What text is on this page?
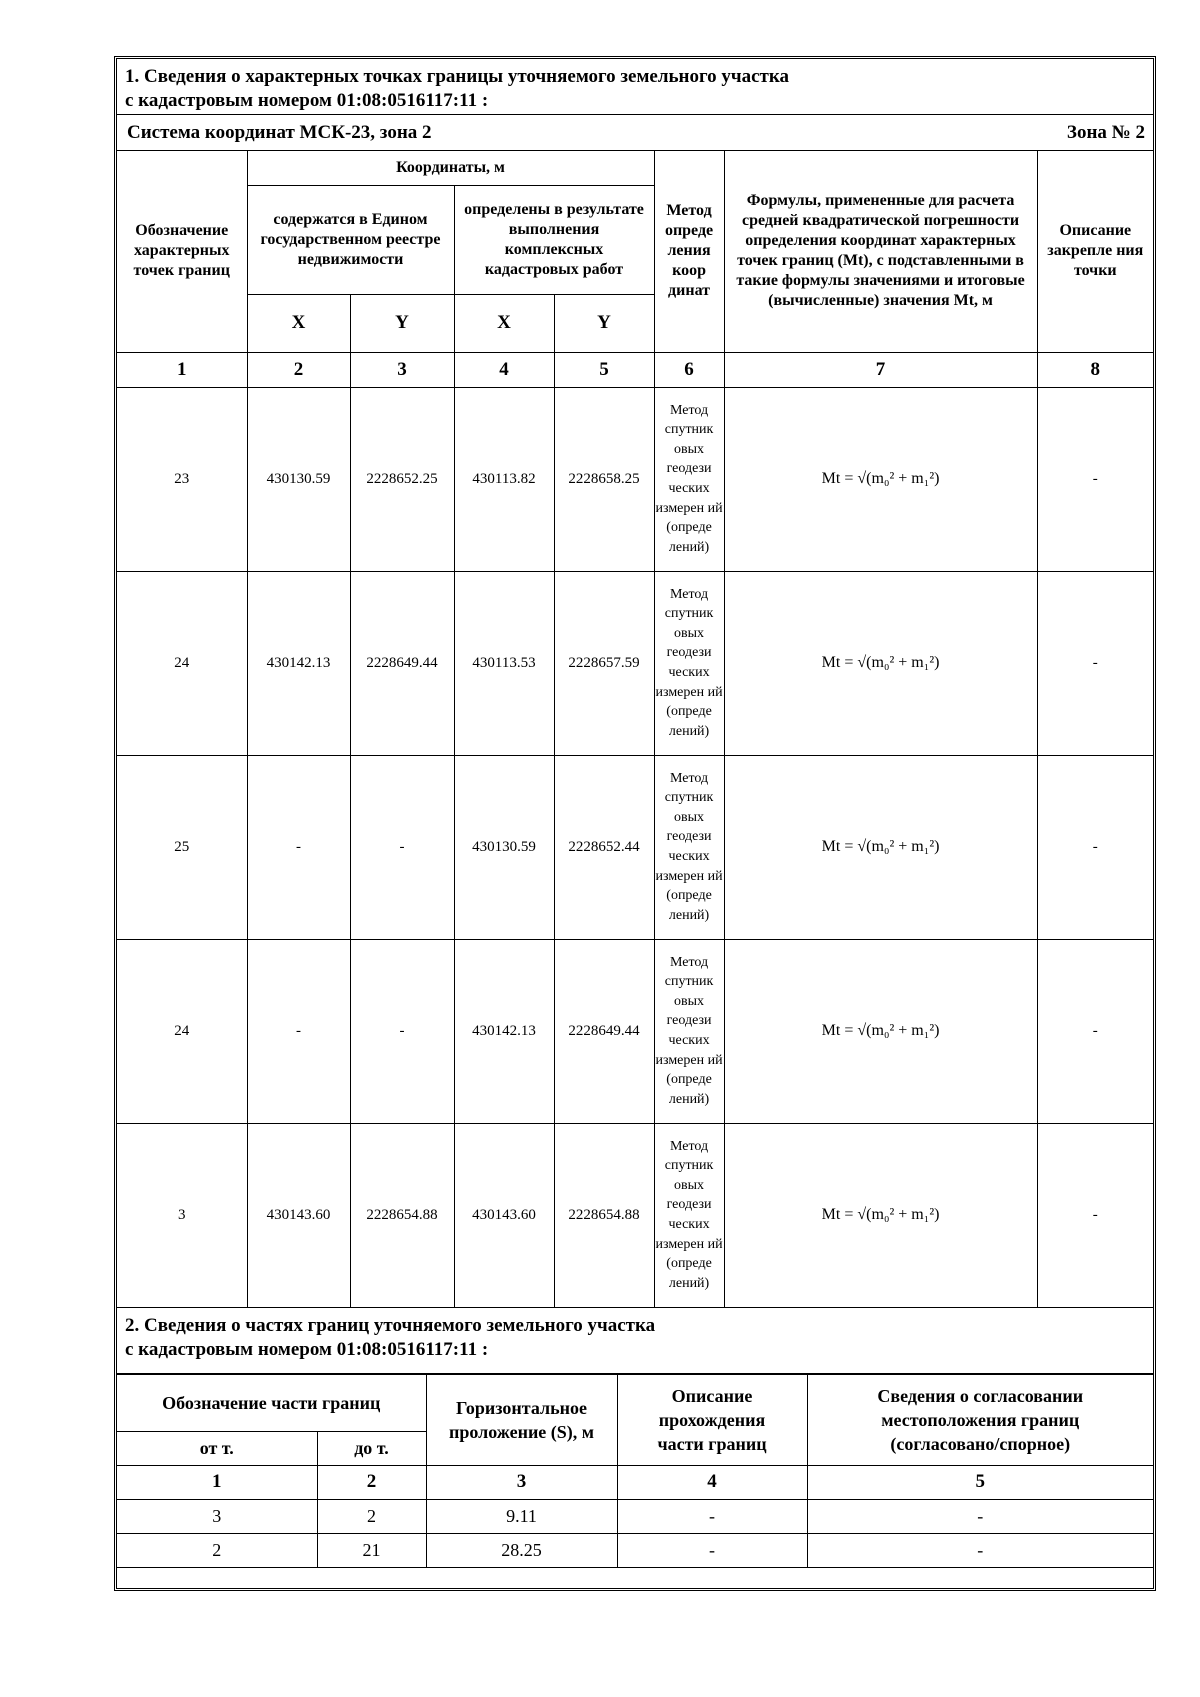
1. Сведения о характерных точках границы уточняемого земельного участка
с кадастровым номером 01:08:0516117:11 :
Система координат МСК-23, зона 2	Зона № 2
Обозначение характерных точек границ	Координаты, м				Метод опреде ления коор динат	Формулы, примененные для расчета средней квадратической погрешности определения координат характерных точек границ (Mt), с подставленными в такие формулы значениями и итоговые (вычисленные) значения Mt, м	Описание закрепле ния точки
	содержатся в Едином государственном реестре недвижимости		определены в результате выполнения комплексных кадастровых работ				
	X	Y	X	Y			
1	2	3	4	5	6	7	8
23	430130.59	2228652.25	430113.82	2228658.25	Метод спутник овых геодези ческих измерен ий (опреде лений)	Mt = √(m₀² + m₁²)	-
24	430142.13	2228649.44	430113.53	2228657.59	Метод спутник овых геодези ческих измерен ий (опреде лений)	Mt = √(m₀² + m₁²)	-
25	-	-	430130.59	2228652.44	Метод спутник овых геодези ческих измерен ий (опреде лений)	Mt = √(m₀² + m₁²)	-
24	-	-	430142.13	2228649.44	Метод спутник овых геодези ческих измерен ий (опреде лений)	Mt = √(m₀² + m₁²)	-
3	430143.60	2228654.88	430143.60	2228654.88	Метод спутник овых геодези ческих измерен ий (опреде лений)	Mt = √(m₀² + m₁²)	-
2. Сведения о частях границ уточняемого земельного участка
с кадастровым номером 01:08:0516117:11 :
Обозначение части границ		Горизонтальное проложение (S), м	Описание прохождения части границ	Сведения о согласовании местоположения границ (согласовано/спорное)
от т.	до т.			
1	2	3	4	5
3	2	9.11	-	-
2	21	28.25	-	-
